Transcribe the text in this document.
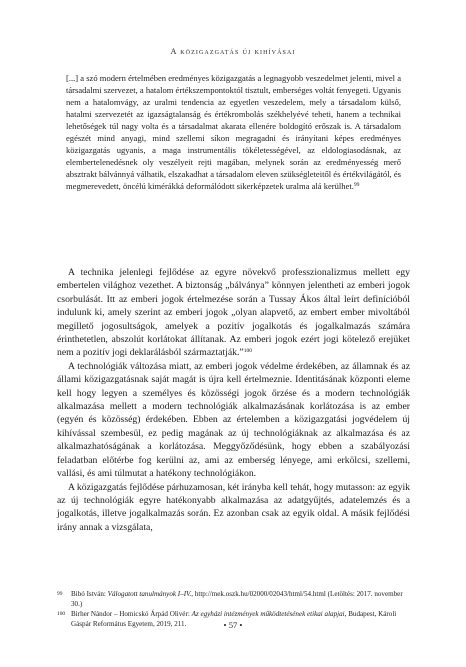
A közigazgatás új kihívásai

[...] a szó modern értelmében eredményes közigazgatás a legnagyobb veszedelmet jelenti, mivel a társadalmi szervezet, a hatalom értékszempontoktól tisztult, emberséges voltát fenyegeti. Ugyanis nem a hatalomvágy, az uralmi tendencia az egyetlen veszedelem, mely a társadalom külső, hatalmi szervezetét az igazságtalanság és értékrombolás székhelyévé teheti, hanem a technikai lehetőségek túl nagy volta és a társadalmat akarata ellenére boldogító erőszak is. A társadalom egészét mind anyagi, mind szellemi síkon megragadni és irányítani képes eredményes közigazgatás ugyanis, a maga instrumentális tökéletességével, az eldologiasodásnak, az elembertelenedésnek oly veszélyeit rejti magában, melynek során az eredményesség merő absztrakt bálvánnyá válhatik, elszakadhat a társadalom eleven szükségleteitől és értékvilágától, és megmerevedett, öncélú kimérákká deformálódott sikerképzetek uralma alá kerülhet.$^{99}$

A technika jelenlegi fejlődése az egyre növekvő professzionalizmus mellett egy embertelen világhoz vezethet. A biztonság „bálványa” könnyen jelentheti az emberi jogok csorbulását. Itt az emberi jogok értelmezése során a Tussay Ákos által leírt definícióból indulunk ki, amely szerint az emberi jogok „olyan alapvető, az embert ember mivoltából megillető jogosultságok, amelyek a pozitív jogalkotás és jogalkalmazás számára érinthetetlen, abszolút korlátokat állítanak. Az emberi jogok ezért jogi kötelező erejüket nem a pozitív jogi deklarálásból származtatják.”$^{100}$

A technológiák változása miatt, az emberi jogok védelme érdekében, az államnak és az állami közigazgatásnak saját magát is újra kell értelmeznie. Identitásának központi eleme kell hogy legyen a személyes és közösségi jogok őrzése és a modern technológiák alkalmazása mellett a modern technológiák alkalmazásának korlátozása is az ember (egyén és közösség) érdekében. Ebben az értelemben a közigazgatási jogvédelem új kihívással szembesül, ez pedig magának az új technológiáknak az alkalmazása és az alkalmazhatóságának a korlátozása. Meggyőződésünk, hogy ebben a szabályozási feladatban előtérbe fog kerülni az, ami az emberség lényege, ami erkölcsi, szellemi, vallási, és ami túlmutat a hatékony technológiákon.

A közigazgatás fejlődése párhuzamosan, két irányba kell tehát, hogy mutasson: az egyik az új technológiák egyre hatékonyabb alkalmazása az adatgyűjtés, adatelemzés és a jogalkotás, illetve jogalkalmazás során. Ez azonban csak az egyik oldal. A másik fejlődési irány annak a vizsgálata,

99 Bibó István: Válogatott tanulmányok I–IV., http://mek.oszk.hu/02000/02043/html/54.html (Letöltés: 2017. november 30.)
100 Birher Nándor – Homicskó Árpád Olivér: Az egyházi intézmények működtetésének etikai alapjai, Budapest, Károli Gáspár Református Egyetem, 2019, 211.	• 57 •
